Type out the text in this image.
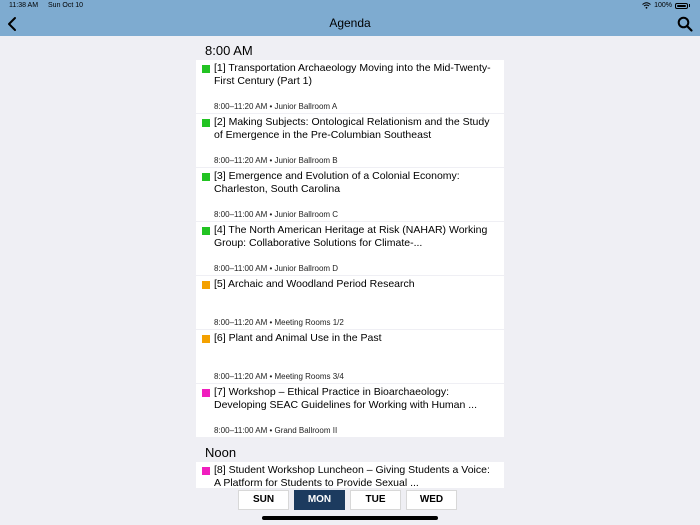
11:38 AM Sun Oct 10	100%
Agenda
8:00 AM
[1] Transportation Archaeology Moving into the Mid-Twenty-First Century (Part 1)
8:00–11:20 AM • Junior Ballroom A
[2] Making Subjects: Ontological Relationism and the Study of Emergence in the Pre-Columbian Southeast
8:00–11:20 AM • Junior Ballroom B
[3] Emergence and Evolution of a Colonial Economy: Charleston, South Carolina
8:00–11:00 AM • Junior Ballroom C
[4] The North American Heritage at Risk (NAHAR) Working Group: Collaborative Solutions for Climate-...
8:00–11:00 AM • Junior Ballroom D
[5] Archaic and Woodland Period Research
8:00–11:20 AM • Meeting Rooms 1/2
[6] Plant and Animal Use in the Past
8:00–11:20 AM • Meeting Rooms 3/4
[7] Workshop – Ethical Practice in Bioarchaeology: Developing SEAC Guidelines for Working with Human ...
8:00–11:00 AM • Grand Ballroom II
Noon
[8] Student Workshop Luncheon – Giving Students a Voice: A Platform for Students to Provide Sexual ...
SUN	MON	TUE	WED
